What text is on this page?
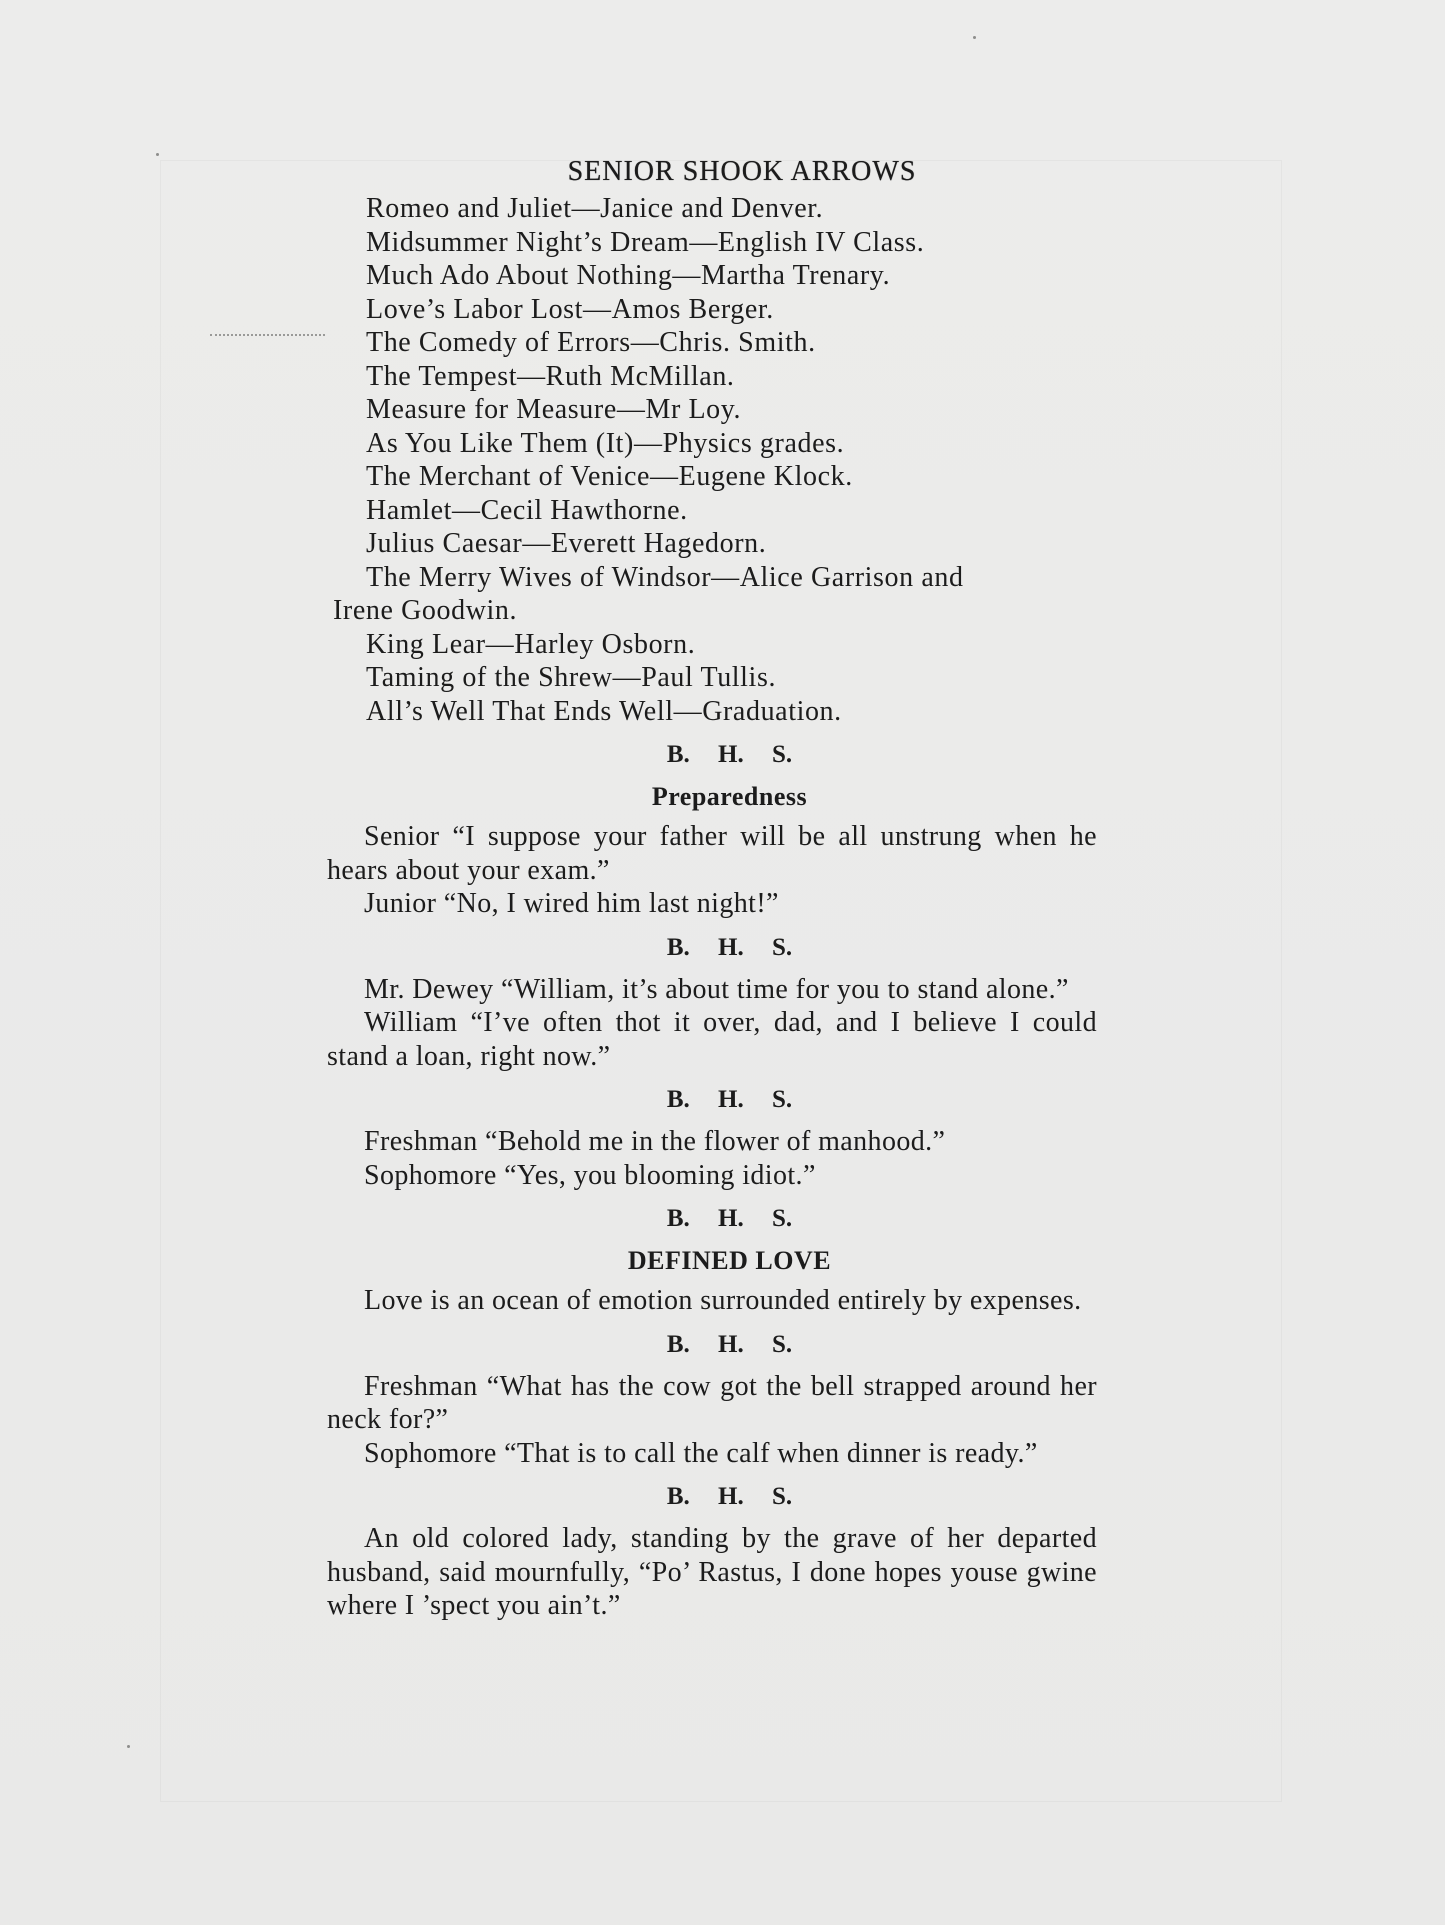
SENIOR SHOOK ARROWS

Romeo and Juliet—Janice and Denver.

Midsummer Night’s Dream—English IV Class.

Much Ado About Nothing—Martha Trenary.

Love’s Labor Lost—Amos Berger.

The Comedy of Errors—Chris. Smith.

The Tempest—Ruth McMillan.

Measure for Measure—Mr Loy.

As You Like Them (It)—Physics grades.

The Merchant of Venice—Eugene Klock.

Hamlet—Cecil Hawthorne.

Julius Caesar—Everett Hagedorn.

The Merry Wives of Windsor—Alice Garrison and

Irene Goodwin.

King Lear—Harley Osborn.

Taming of the Shrew—Paul Tullis.

All’s Well That Ends Well—Graduation.

B. H. S.

Preparedness

Senior “I suppose your father will be all unstrung when he hears about your exam.”

Junior “No, I wired him last night!”

B. H. S.

Mr. Dewey “William, it’s about time for you to stand alone.”

William “I’ve often thot it over, dad, and I believe I could stand a loan, right now.”

B. H. S.

Freshman “Behold me in the flower of manhood.”

Sophomore “Yes, you blooming idiot.”

B. H. S.

DEFINED LOVE

Love is an ocean of emotion surrounded entirely by expenses.

B. H. S.

Freshman “What has the cow got the bell strapped around her neck for?”

Sophomore “That is to call the calf when dinner is ready.”

B. H. S.

An old colored lady, standing by the grave of her departed husband, said mournfully, “Po’ Rastus, I done hopes youse gwine where I ’spect you ain’t.”
